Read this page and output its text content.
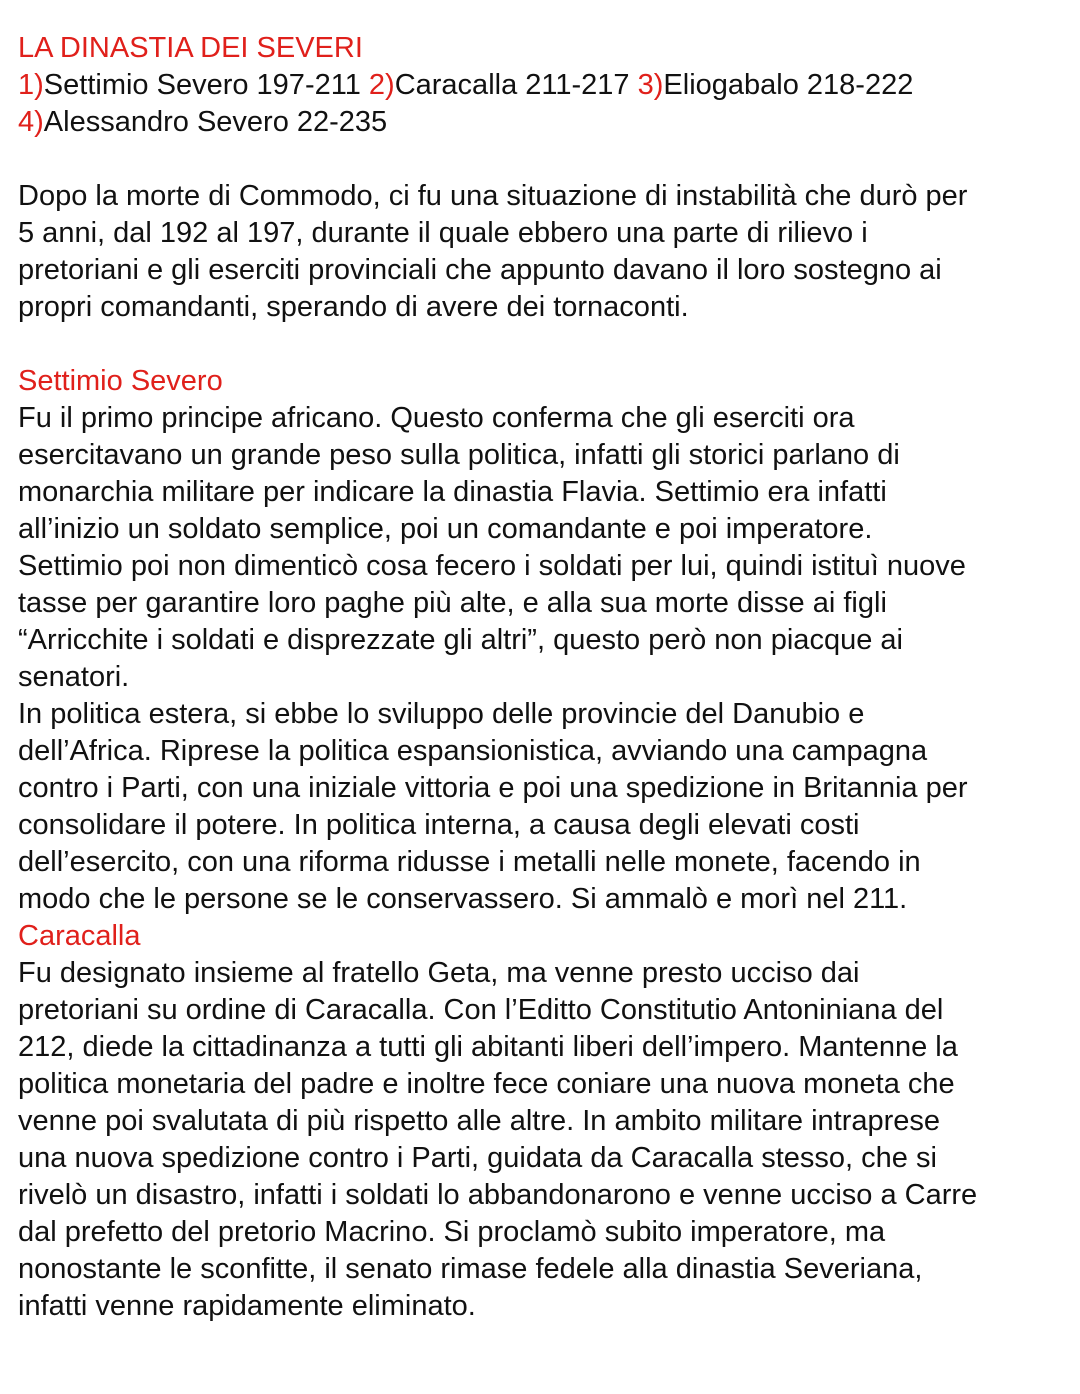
LA DINASTIA DEI SEVERI
1)Settimio Severo 197-211 2)Caracalla 211-217 3)Eliogabalo 218-222
4)Alessandro Severo 22-235

Dopo la morte di Commodo, ci fu una situazione di instabilità che durò per
5 anni, dal 192 al 197, durante il quale ebbero una parte di rilievo i
pretoriani e gli eserciti provinciali che appunto davano il loro sostegno ai
propri comandanti, sperando di avere dei tornaconti.

Settimio Severo
Fu il primo principe africano. Questo conferma che gli eserciti ora
esercitavano un grande peso sulla politica, infatti gli storici parlano di
monarchia militare per indicare la dinastia Flavia. Settimio era infatti
all’inizio un soldato semplice, poi un comandante e poi imperatore.
Settimio poi non dimenticò cosa fecero i soldati per lui, quindi istituì nuove
tasse per garantire loro paghe più alte, e alla sua morte disse ai figli
“Arricchite i soldati e disprezzate gli altri”, questo però non piacque ai
senatori.
In politica estera, si ebbe lo sviluppo delle provincie del Danubio e
dell’Africa. Riprese la politica espansionistica, avviando una campagna
contro i Parti, con una iniziale vittoria e poi una spedizione in Britannia per
consolidare il potere. In politica interna, a causa degli elevati costi
dell’esercito, con una riforma ridusse i metalli nelle monete, facendo in
modo che le persone se le conservassero. Si ammalò e morì nel 211.
Caracalla
Fu designato insieme al fratello Geta, ma venne presto ucciso dai
pretoriani su ordine di Caracalla. Con l’Editto Constitutio Antoniniana del
212, diede la cittadinanza a tutti gli abitanti liberi dell’impero. Mantenne la
politica monetaria del padre e inoltre fece coniare una nuova moneta che
venne poi svalutata di più rispetto alle altre. In ambito militare intraprese
una nuova spedizione contro i Parti, guidata da Caracalla stesso, che si
rivelò un disastro, infatti i soldati lo abbandonarono e venne ucciso a Carre
dal prefetto del pretorio Macrino. Si proclamò subito imperatore, ma
nonostante le sconfitte, il senato rimase fedele alla dinastia Severiana,
infatti venne rapidamente eliminato.
